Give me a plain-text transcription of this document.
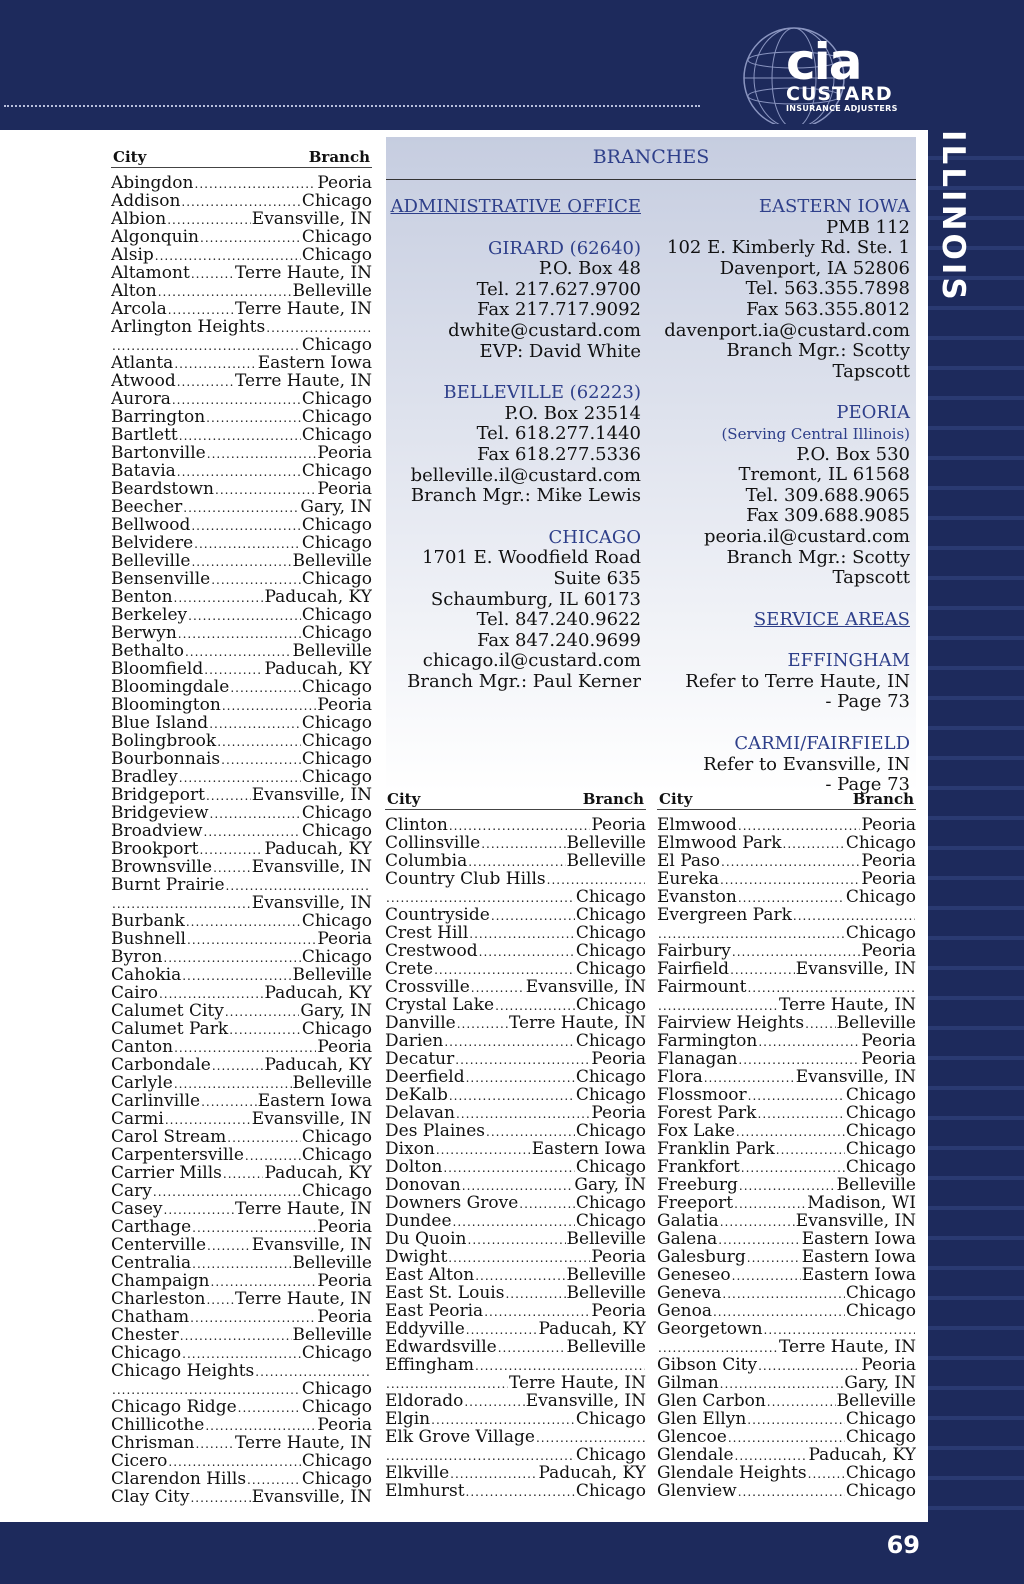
cia
CUSTARD
INSURANCE ADJUSTERS
ILLINOIS
City	Branch
Abingdon .....	Peoria
Addison .....	Chicago
Albion .....	Evansville, IN
Algonquin .....	Chicago
Alsip .....	Chicago
Altamont .....	Terre Haute, IN
Alton .....	Belleville
Arcola .....	Terre Haute, IN
Arlington Heights
.....
.....
Chicago
Atlanta .....	Eastern Iowa
Atwood .....	Terre Haute, IN
Aurora .....	Chicago
Barrington .....	Chicago
Bartlett .....	Chicago
Bartonville .....	Peoria
Batavia .....	Chicago
Beardstown .....	Peoria
Beecher .....	Gary, IN
Bellwood .....	Chicago
Belvidere .....	Chicago
Belleville .....	Belleville
Bensenville .....	Chicago
Benton .....	Paducah, KY
Berkeley .....	Chicago
Berwyn .....	Chicago
Bethalto .....	Belleville
Bloomfield .....	Paducah, KY
Bloomingdale .....	Chicago
Bloomington .....	Peoria
Blue Island .....	Chicago
Bolingbrook .....	Chicago
Bourbonnais .....	Chicago
Bradley .....	Chicago
Bridgeport .....	Evansville, IN
Bridgeview .....	Chicago
Broadview .....	Chicago
Brookport .....	Paducah, KY
Brownsville ..... Evansville, IN
Burnt Prairie
.....
.....
Evansville, IN
Burbank .....	Chicago
Bushnell .....	Peoria
Byron .....	Chicago
Cahokia .....	Belleville
Cairo .....	Paducah, KY
Calumet City .....	Gary, IN
Calumet Park .....	Chicago
Canton .....	Peoria
Carbondale .....	Paducah, KY
Carlyle .....	Belleville
Carlinville .....	Eastern Iowa
Carmi .....	Evansville, IN
Carol Stream .....	Chicago
Carpentersville .....	Chicago
Carrier Mills .....	Paducah, KY
Cary .....	Chicago
Casey .....	Terre Haute, IN
Carthage .....	Peoria
Centerville .....	Evansville, IN
Centralia .....	Belleville
Champaign .....	Peoria
Charleston ..... Terre Haute, IN
Chatham .....	Peoria
Chester .....	Belleville
Chicago .....	Chicago
Chicago Heights
.....
.....
Chicago
Chicago Ridge .....	Chicago
Chillicothe .....	Peoria
Chrisman ..... Terre Haute, IN
Cicero .....	Chicago
Clarendon Hills .....	Chicago
Clay City .....	Evansville, IN
BRANCHES
ADMINISTRATIVE OFFICE
GIRARD (62640)
P.O. Box 48
Tel. 217.627.9700
Fax 217.717.9092
dwhite@custard.com
EVP: David White
BELLEVILLE (62223)
P.O. Box 23514
Tel. 618.277.1440
Fax 618.277.5336
belleville.il@custard.com
Branch Mgr.: Mike Lewis
CHICAGO
1701 E. Woodfield Road
Suite 635
Schaumburg, IL 60173
Tel. 847.240.9622
Fax 847.240.9699
chicago.il@custard.com
Branch Mgr.: Paul Kerner
EASTERN IOWA
PMB 112
102 E. Kimberly Rd. Ste. 1
Davenport, IA 52806
Tel. 563.355.7898
Fax 563.355.8012
davenport.ia@custard.com
Branch Mgr.: Scotty Tapscott
PEORIA
(Serving Central Illinois)
P.O. Box 530
Tremont, IL 61568
Tel. 309.688.9065
Fax 309.688.9085
peoria.il@custard.com
Branch Mgr.: Scotty Tapscott
SERVICE AREAS
EFFINGHAM
Refer to Terre Haute, IN
- Page 73
CARMI/FAIRFIELD
Refer to Evansville, IN
- Page 73
City	Branch
Clinton .....	Peoria
Collinsville .....	Belleville
Columbia .....	Belleville
Country Club Hills
.....
.....
Chicago
Countryside .....	Chicago
Crest Hill .....	Chicago
Crestwood .....	Chicago
Crete .....	Chicago
Crossville .....	Evansville, IN
Crystal Lake .....	Chicago
Danville .....	Terre Haute, IN
Darien .....	Chicago
Decatur .....	Peoria
Deerfield .....	Chicago
DeKalb .....	Chicago
Delavan .....	Peoria
Des Plaines .....	Chicago
Dixon .....	Eastern Iowa
Dolton .....	Chicago
Donovan .....	Gary, IN
Downers Grove .....	Chicago
Dundee .....	Chicago
Du Quoin .....	Belleville
Dwight .....	Peoria
East Alton .....	Belleville
East St. Louis .....	Belleville
East Peoria .....	Peoria
Eddyville .....	Paducah, KY
Edwardsville .....	Belleville
Effingham
.....
.....
Terre Haute, IN
Eldorado .....	Evansville, IN
Elgin .....	Chicago
Elk Grove Village
.....
.....
Chicago
Elkville .....	Paducah, KY
Elmhurst .....	Chicago
City	Branch
Elmwood .....	Peoria
Elmwood Park .....	Chicago
El Paso .....	Peoria
Eureka .....	Peoria
Evanston .....	Chicago
Evergreen Park
.....
.....
Chicago
Fairbury .....	Peoria
Fairfield .....	Evansville, IN
Fairmount
.....
.....
Terre Haute, IN
Fairview Heights ..... Belleville
Farmington .....	Peoria
Flanagan .....	Peoria
Flora .....	Evansville, IN
Flossmoor .....	Chicago
Forest Park .....	Chicago
Fox Lake .....	Chicago
Franklin Park .....	Chicago
Frankfort .....	Chicago
Freeburg .....	Belleville
Freeport .....	Madison, WI
Galatia .....	Evansville, IN
Galena .....	Eastern Iowa
Galesburg .....	Eastern Iowa
Geneseo .....	Eastern Iowa
Geneva .....	Chicago
Genoa .....	Chicago
Georgetown
.....
.....
Terre Haute, IN
Gibson City .....	Peoria
Gilman .....	Gary, IN
Glen Carbon .....	Belleville
Glen Ellyn .....	Chicago
Glencoe .....	Chicago
Glendale .....	Paducah, KY
Glendale Heights ..... Chicago
Glenview .....	Chicago
69
